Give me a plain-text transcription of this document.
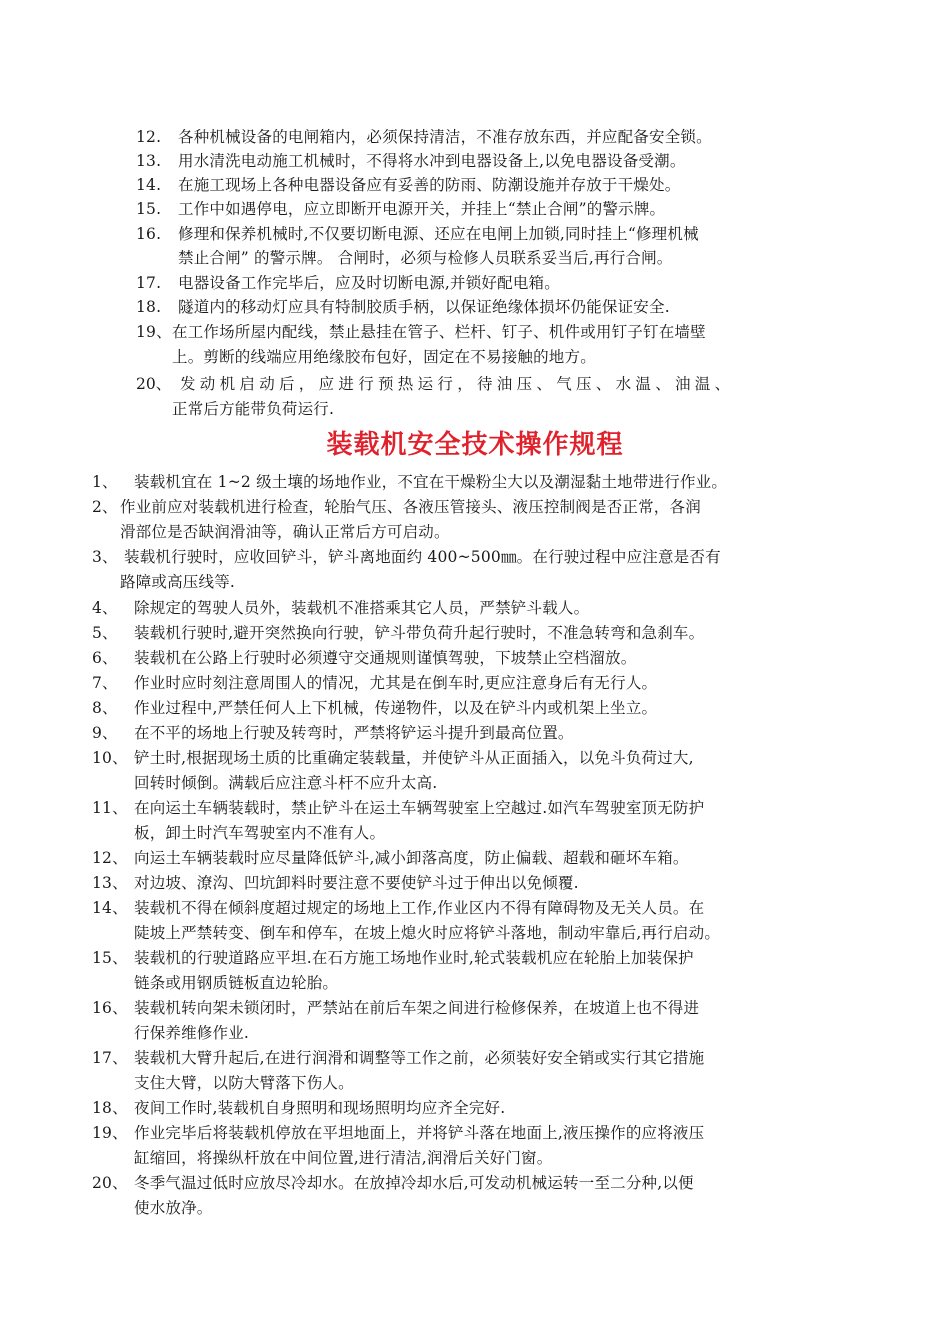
12. 各种机械设备的电闸箱内，必须保持清洁，不准存放东西，并应配备安全锁。
13. 用水清洗电动施工机械时，不得将水冲到电器设备上,以免电器设备受潮。
14. 在施工现场上各种电器设备应有妥善的防雨、防潮设施并存放于干燥处。
15. 工作中如遇停电，应立即断开电源开关，并挂上“禁止合闸”的警示牌。
16. 修理和保养机械时,不仅要切断电源、还应在电闸上加锁,同时挂上“修理机械
禁止合闸” 的警示牌。 合闸时，必须与检修人员联系妥当后,再行合闸。
17. 电器设备工作完毕后，应及时切断电源,并锁好配电箱。
18. 隧道内的移动灯应具有特制胶质手柄，以保证绝缘体损坏仍能保证安全.
19、在工作场所屋内配线，禁止悬挂在管子、栏杆、钉子、机件或用钉子钉在墙壁
上。剪断的线端应用绝缘胶布包好，固定在不易接触的地方。
20、 发动机启动后，应进行预热运行，待油压、气压、水温、油温、
正常后方能带负荷运行.
装载机安全技术操作规程
1、 装载机宜在 1~2 级土壤的场地作业，不宜在干燥粉尘大以及潮湿黏土地带进行作业。
2、 作业前应对装载机进行检查，轮胎气压、各液压管接头、液压控制阀是否正常，各润
滑部位是否缺润滑油等，确认正常后方可启动。
3、 装载机行驶时，应收回铲斗，铲斗离地面约 400~500㎜。在行驶过程中应注意是否有
路障或高压线等.
4、 除规定的驾驶人员外，装载机不准搭乘其它人员，严禁铲斗载人。
5、 装载机行驶时,避开突然换向行驶，铲斗带负荷升起行驶时，不准急转弯和急刹车。
6、 装载机在公路上行驶时必须遵守交通规则谨慎驾驶，下坡禁止空档溜放。
7、 作业时应时刻注意周围人的情况，尤其是在倒车时,更应注意身后有无行人。
8、 作业过程中,严禁任何人上下机械，传递物件，以及在铲斗内或机架上坐立。
9、 在不平的场地上行驶及转弯时，严禁将铲运斗提升到最高位置。
10、 铲土时,根据现场土质的比重确定装载量，并使铲斗从正面插入，以免斗负荷过大,
回转时倾倒。满载后应注意斗杆不应升太高.
11、 在向运土车辆装载时，禁止铲斗在运土车辆驾驶室上空越过.如汽车驾驶室顶无防护
板，卸土时汽车驾驶室内不准有人。
12、 向运土车辆装载时应尽量降低铲斗,减小卸落高度，防止偏载、超载和砸坏车箱。
13、 对边坡、潦沟、凹坑卸料时要注意不要使铲斗过于伸出以免倾覆.
14、 装载机不得在倾斜度超过规定的场地上工作,作业区内不得有障碍物及无关人员。在
陡坡上严禁转变、倒车和停车，在坡上熄火时应将铲斗落地，制动牢靠后,再行启动。
15、 装载机的行驶道路应平坦.在石方施工场地作业时,轮式装载机应在轮胎上加装保护
链条或用钢质链板直边轮胎。
16、 装载机转向架未锁闭时，严禁站在前后车架之间进行检修保养，在坡道上也不得进
行保养维修作业.
17、 装载机大臂升起后,在进行润滑和调整等工作之前，必须装好安全销或实行其它措施
支住大臂，以防大臂落下伤人。
18、 夜间工作时,装载机自身照明和现场照明均应齐全完好.
19、 作业完毕后将装载机停放在平坦地面上，并将铲斗落在地面上,液压操作的应将液压
缸缩回，将操纵杆放在中间位置,进行清洁,润滑后关好门窗。
20、 冬季气温过低时应放尽冷却水。在放掉冷却水后,可发动机械运转一至二分种,以便
使水放净。
